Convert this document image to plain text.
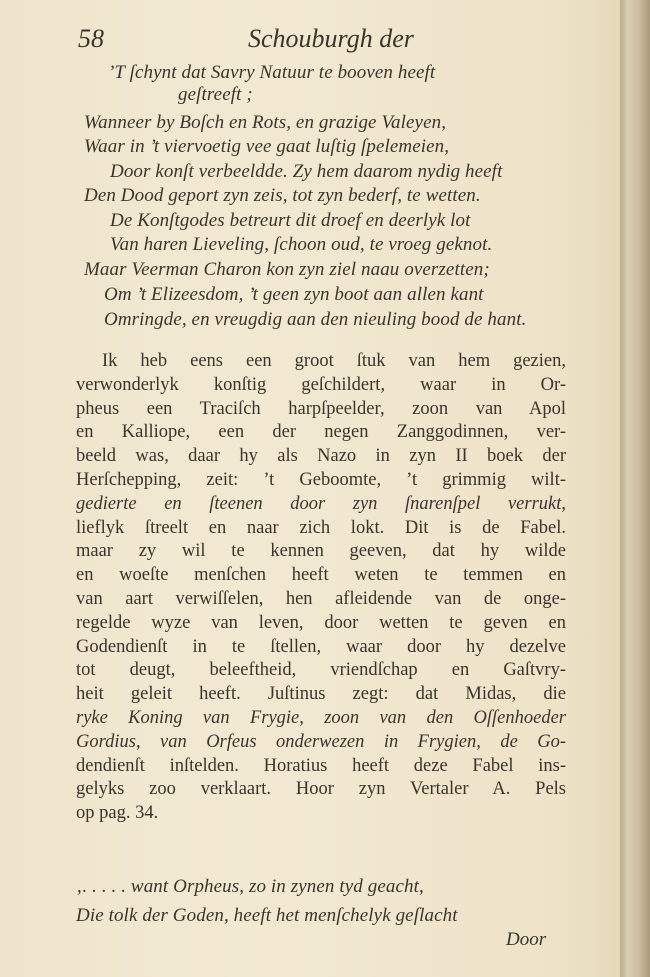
58	Schouburgh der
’T ſchynt dat Savry Natuur te booven heeft
geſtreeft ;
Wanneer by Boſch en Rots, en grazige Valeyen,
Waar in ’t viervoetig vee gaat luſtig ſpelemeien,
Door konſt verbeeldde. Zy hem daarom nydig heeft
Den Dood geport zyn zeis, tot zyn bederf, te wetten.
De Konſtgodes betreurt dit droef en deerlyk lot
Van haren Lieveling, ſchoon oud, te vroeg geknot.
Maar Veerman Charon kon zyn ziel naau overzetten;
Om ’t Elizeesdom, ’t geen zyn boot aan allen kant
Omringde, en vreugdig aan den nieuling bood de hant.
Ik heb eens een groot ſtuk van hem gezien,
verwonderlyk konſtig geſchildert, waar in Or-
pheus een Traciſch harpſpeelder, zoon van Apol
en Kalliope, een der negen Zanggodinnen, ver-
beeld was, daar hy als Nazo in zyn II boek der
Herſchepping, zeit: ’t Geboomte, ’t grimmig wilt-
gedierte en ſteenen door zyn ſnarenſpel verrukt,
lieflyk ſtreelt en naar zich lokt. Dit is de Fabel.
maar zy wil te kennen geeven, dat hy wilde
en woeſte menſchen heeft weten te temmen en
van aart verwiſſelen, hen afleidende van de onge-
regelde wyze van leven, door wetten te geven en
Godendienſt in te ſtellen, waar door hy dezelve
tot deugt, beleeftheid, vriendſchap en Gaſtvry-
heit geleit heeft. Juſtinus zegt: dat Midas, die
ryke Koning van Frygie, zoon van den Oſſenhoeder
Gordius, van Orfeus onderwezen in Frygien, de Go-
dendienſt inſtelden. Horatius heeft deze Fabel ins-
gelyks zoo verklaart. Hoor zyn Vertaler A. Pels
op pag. 34.
‚. . . . . want Orpheus, zo in zynen tyd geacht,
Die tolk der Goden, heeft het menſchelyk geſlacht
Door
